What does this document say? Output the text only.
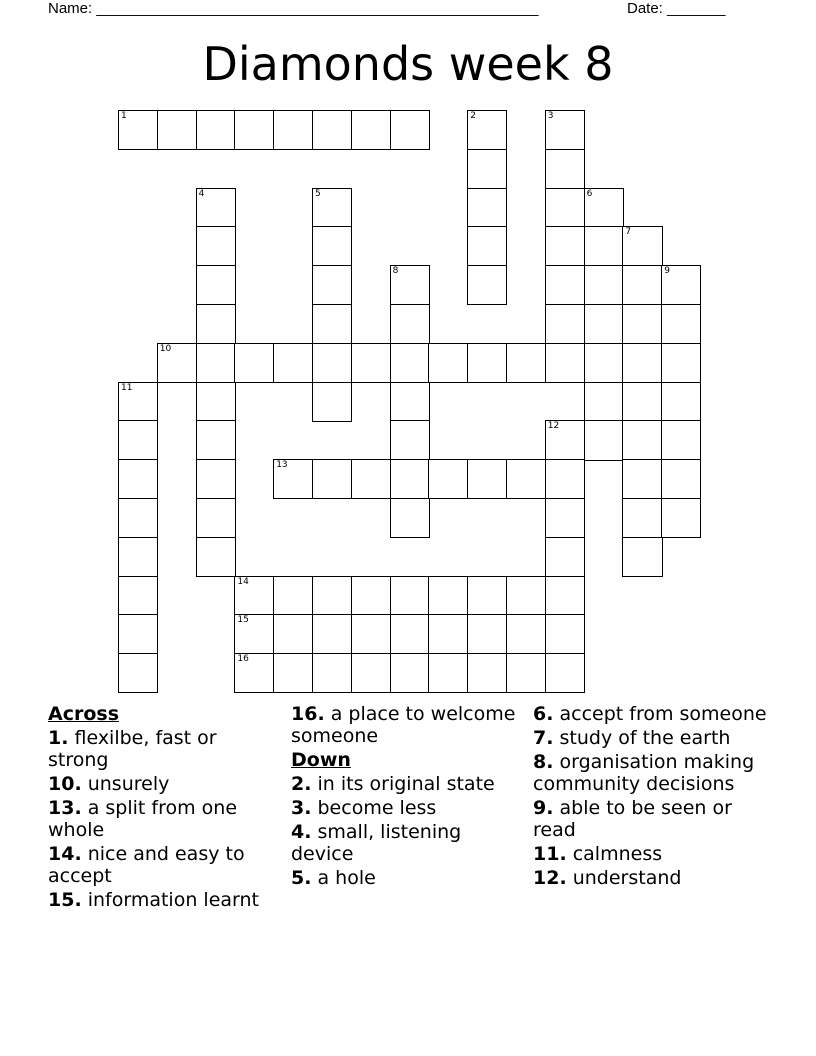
Name: _____________________________________________________	Date: _______
Diamonds week 8
1	2	3
4	5	6
7
8	9
10
11
12
13
14
15
16
Across
1. flexilbe, fast or strong
10. unsurely
13. a split from one whole
14. nice and easy to accept
15. information learnt
16. a place to welcome someone
Down
2. in its original state
3. become less
4. small, listening device
5. a hole
6. accept from someone
7. study of the earth
8. organisation making community decisions
9. able to be seen or read
11. calmness
12. understand
